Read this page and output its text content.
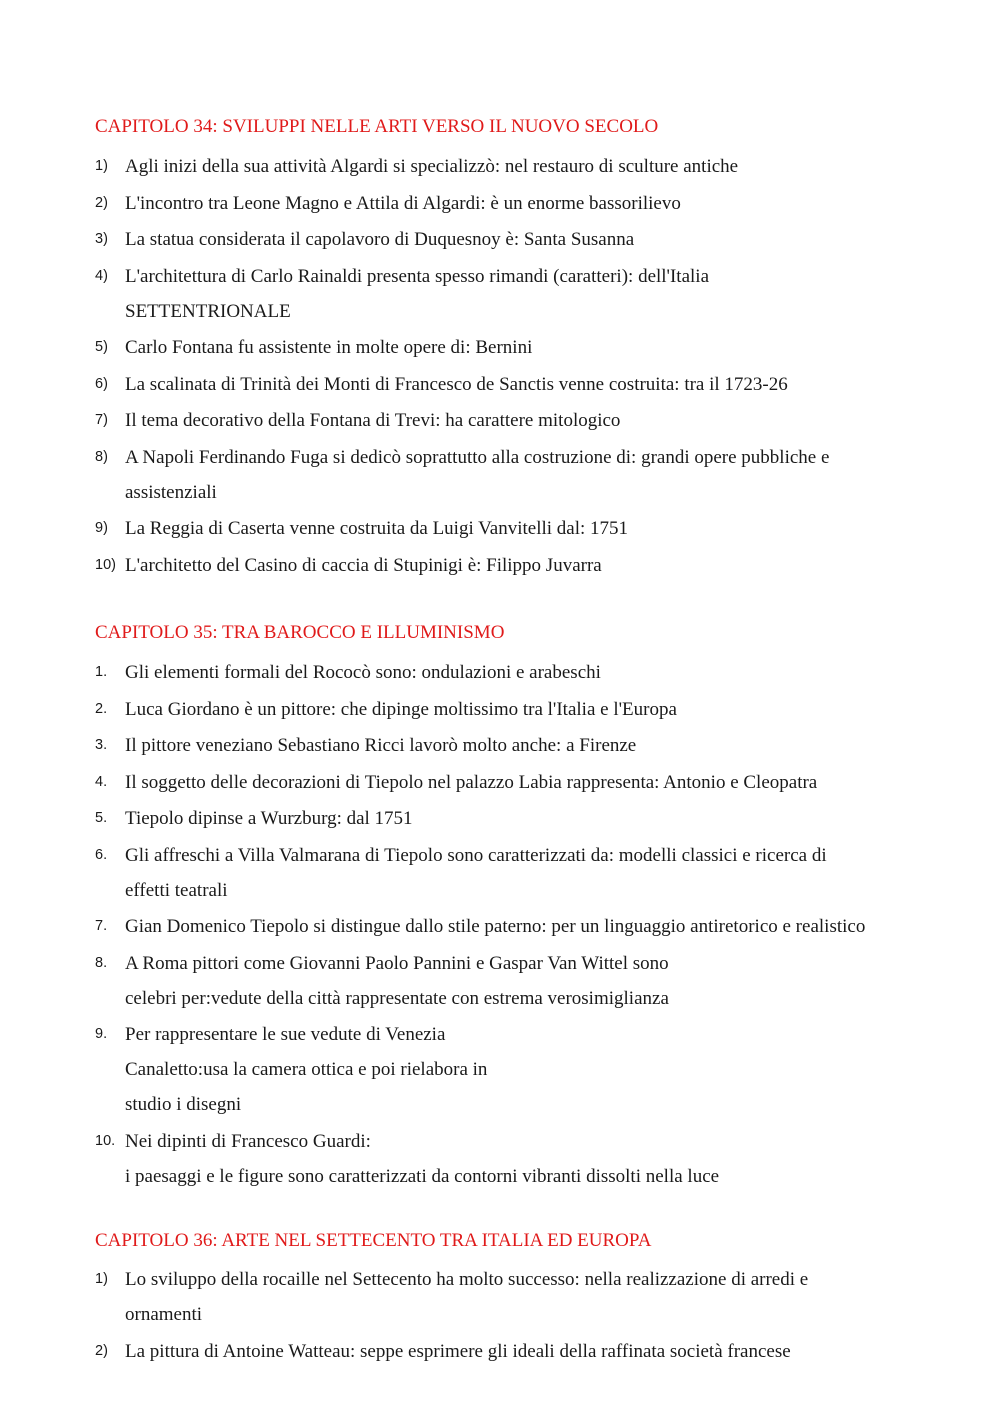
CAPITOLO 34: SVILUPPI NELLE ARTI VERSO IL NUOVO SECOLO
1) Agli inizi della sua attività Algardi si specializzò: nel restauro di sculture antiche
2) L'incontro tra Leone Magno e Attila di Algardi: è un enorme bassorilievo
3) La statua considerata il capolavoro di Duquesnoy è: Santa Susanna
4) L'architettura di Carlo Rainaldi presenta spesso rimandi (caratteri): dell'Italia
SETTENTRIONALE
5) Carlo Fontana fu assistente in molte opere di: Bernini
6) La scalinata di Trinità dei Monti di Francesco de Sanctis venne costruita: tra il 1723-26
7) Il tema decorativo della Fontana di Trevi: ha carattere mitologico
8) A Napoli Ferdinando Fuga si dedicò soprattutto alla costruzione di: grandi opere pubbliche e
assistenziali
9) La Reggia di Caserta venne costruita da Luigi Vanvitelli dal: 1751
10) L'architetto del Casino di caccia di Stupinigi è: Filippo Juvarra
CAPITOLO 35: TRA BAROCCO E ILLUMINISMO
1. Gli elementi formali del Rococò sono: ondulazioni e arabeschi
2. Luca Giordano è un pittore: che dipinge moltissimo tra l'Italia e l'Europa
3. Il pittore veneziano Sebastiano Ricci lavorò molto anche: a Firenze
4. Il soggetto delle decorazioni di Tiepolo nel palazzo Labia rappresenta: Antonio e Cleopatra
5. Tiepolo dipinse a Wurzburg: dal 1751
6. Gli affreschi a Villa Valmarana di Tiepolo sono caratterizzati da: modelli classici e ricerca di
effetti teatrali
7. Gian Domenico Tiepolo si distingue dallo stile paterno: per un linguaggio antiretorico e realistico
8. A Roma pittori come Giovanni Paolo Pannini e Gaspar Van Wittel sono
celebri per:vedute della città rappresentate con estrema verosimiglianza
9. Per rappresentare le sue vedute di Venezia
Canaletto:usa la camera ottica e poi rielabora in
studio i disegni
10. Nei dipinti di Francesco Guardi:
i paesaggi e le figure sono caratterizzati da contorni vibranti dissolti nella luce
CAPITOLO 36: ARTE NEL SETTECENTO TRA ITALIA ED EUROPA
1) Lo sviluppo della rocaille nel Settecento ha molto successo: nella realizzazione di arredi e
ornamenti
2) La pittura di Antoine Watteau: seppe esprimere gli ideali della raffinata società francese
